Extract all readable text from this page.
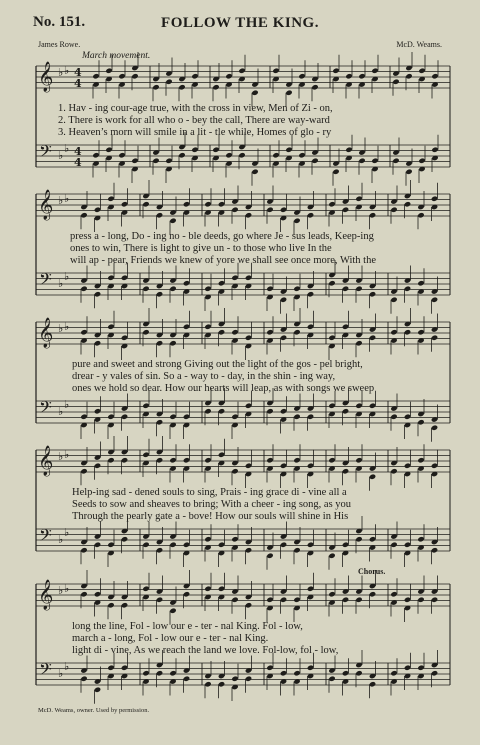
No. 151.	FOLLOW THE KING.
James Rowe.	McD. Weams.
March movement.
𝄞
𝄢
♭ ♭
♭
♭
4
4
4
4
𝄞
𝄢
♭ ♭
♭
♭
𝄞
𝄢
♭ ♭
♭
♭
𝄞
𝄢
♭ ♭
♭
♭
𝄞
𝄢
♭ ♭
♭
♭
1. Hav - ing cour-age true, with the cross in view, Men of Zi - on,
2. There is work for all who o - bey the call, There are way-ward
3. Heaven’s morn will smile in a lit - tle while, Homes of glo - ry
press a - long, Do - ing no - ble deeds, go where Je - sus leads, Keep-ing
ones to win, There is light to give un - to those who live In the
will ap - pear, Friends we knew of yore we shall see once more, With the
pure and sweet and strong Giving out the light of the gos - pel bright,
drear - y vales of sin. So a - way to - day, in the shin - ing way,
ones we hold so dear. How our hearts will leap, as with songs we sweep
Help-ing sad - dened souls to sing, Prais - ing grace di - vine all a
Seeds to sow and sheaves to bring; With a cheer - ing song, as you
Through the pearly gate a - bove! How our souls will shine in His
Chorus.
long the line, Fol - low our e - ter - nal King. Fol - low,
march a - long, Fol - low our e - ter - nal King.
light di - vine, As we reach the land we love. Fol-low, fol - low,
McD. Weams, owner. Used by permission.
